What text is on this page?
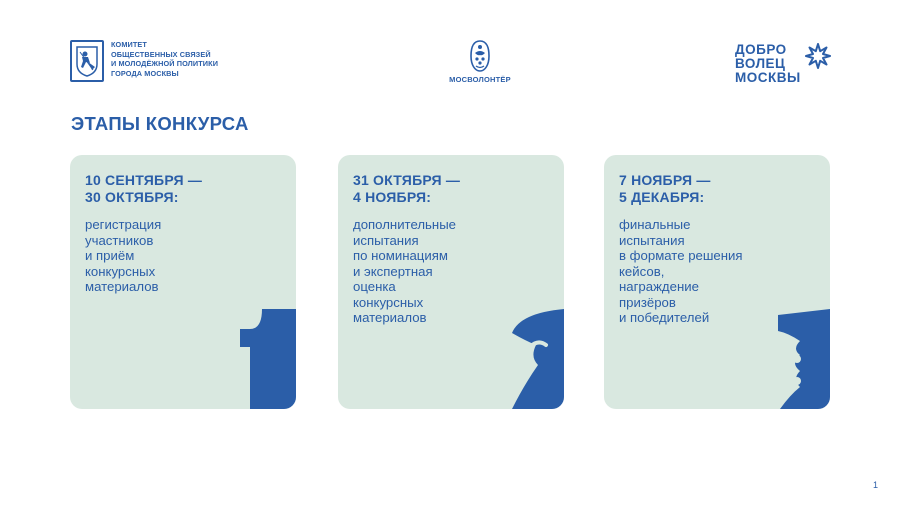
КОМИТЕТ
ОБЩЕСТВЕННЫХ СВЯЗЕЙ
И МОЛОДЁЖНОЙ ПОЛИТИКИ
ГОРОДА МОСКВЫ
МОСВОЛОНТЁР
ДОБРО
ВОЛЕЦ
МОСКВЫ
ЭТАПЫ КОНКУРСА
10 СЕНТЯБРЯ —
30 ОКТЯБРЯ:
регистрация
участников
и приём
конкурсных
материалов
31 ОКТЯБРЯ —
4 НОЯБРЯ:
дополнительные
испытания
по номинациям
и экспертная
оценка
конкурсных
материалов
7 НОЯБРЯ —
5 ДЕКАБРЯ:
финальные
испытания
в формате решения
кейсов,
награждение
призёров
и победителей
1
